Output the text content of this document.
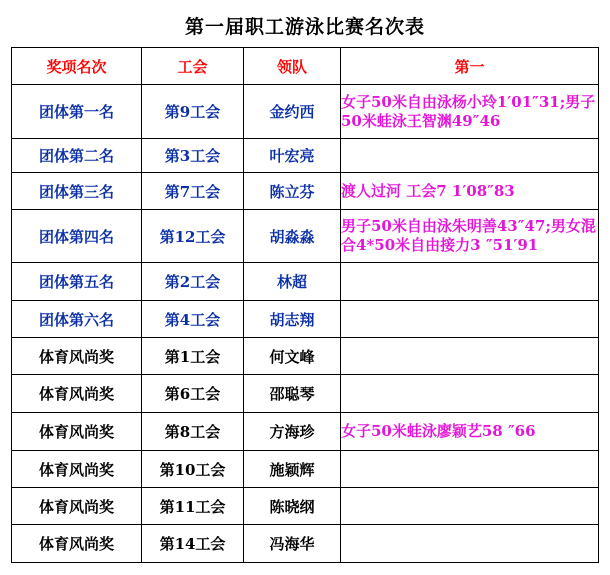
第一届职工游泳比赛名次表
奖项名次	工会	领队	第一
团体第一名	第9工会	金约西	女子50米自由泳杨小玲1′01″31;男子50米蛙泳王智渊49″46
团体第二名	第3工会	叶宏亮	
团体第三名	第7工会	陈立芬	渡人过河 工会7 1′08″83
团体第四名	第12工会	胡淼淼	男子50米自由泳朱明善43″47;男女混合4*50米自由接力3 ″51′91
团体第五名	第2工会	林超	
团体第六名	第4工会	胡志翔	
体育风尚奖	第1工会	何文峰	
体育风尚奖	第6工会	邵聪琴	
体育风尚奖	第8工会	方海珍	女子50米蛙泳廖颖艺58 ″66
体育风尚奖	第10工会	施颖辉	
体育风尚奖	第11工会	陈晓纲	
体育风尚奖	第14工会	冯海华	
